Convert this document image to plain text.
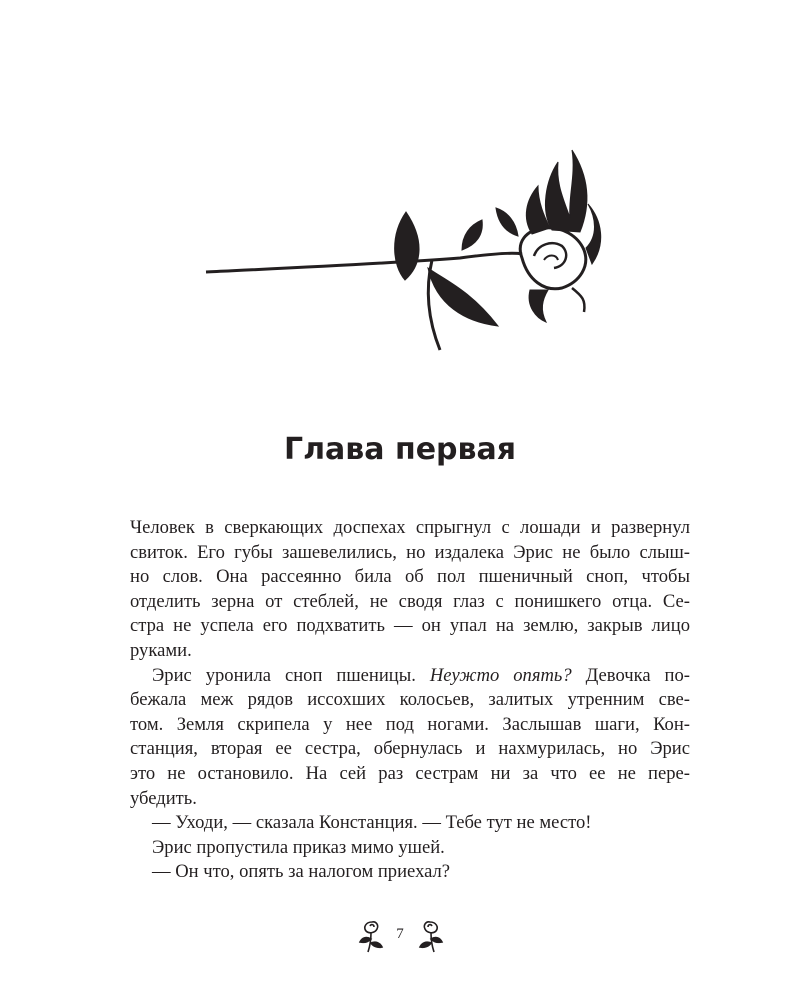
Глава первая
Человек в сверкающих доспехах спрыгнул с лошади и развернул
свиток. Его губы зашевелились, но издалека Эрис не было слыш-
но слов. Она рассеянно била об пол пшеничный сноп, чтобы
отделить зерна от стеблей, не сводя глаз с понишкего отца. Се-
стра не успела его подхватить — он упал на землю, закрыв лицо
руками.
Эрис уронила сноп пшеницы. Неужто опять? Девочка по-
бежала меж рядов иссохших колосьев, залитых утренним све-
том. Земля скрипела у нее под ногами. Заслышав шаги, Кон-
станция, вторая ее сестра, обернулась и нахмурилась, но Эрис
это не остановило. На сей раз сестрам ни за что ее не пере-
убедить.
— Уходи, — сказала Констанция. — Тебе тут не место!
Эрис пропустила приказ мимо ушей.
— Он что, опять за налогом приехал?
7
